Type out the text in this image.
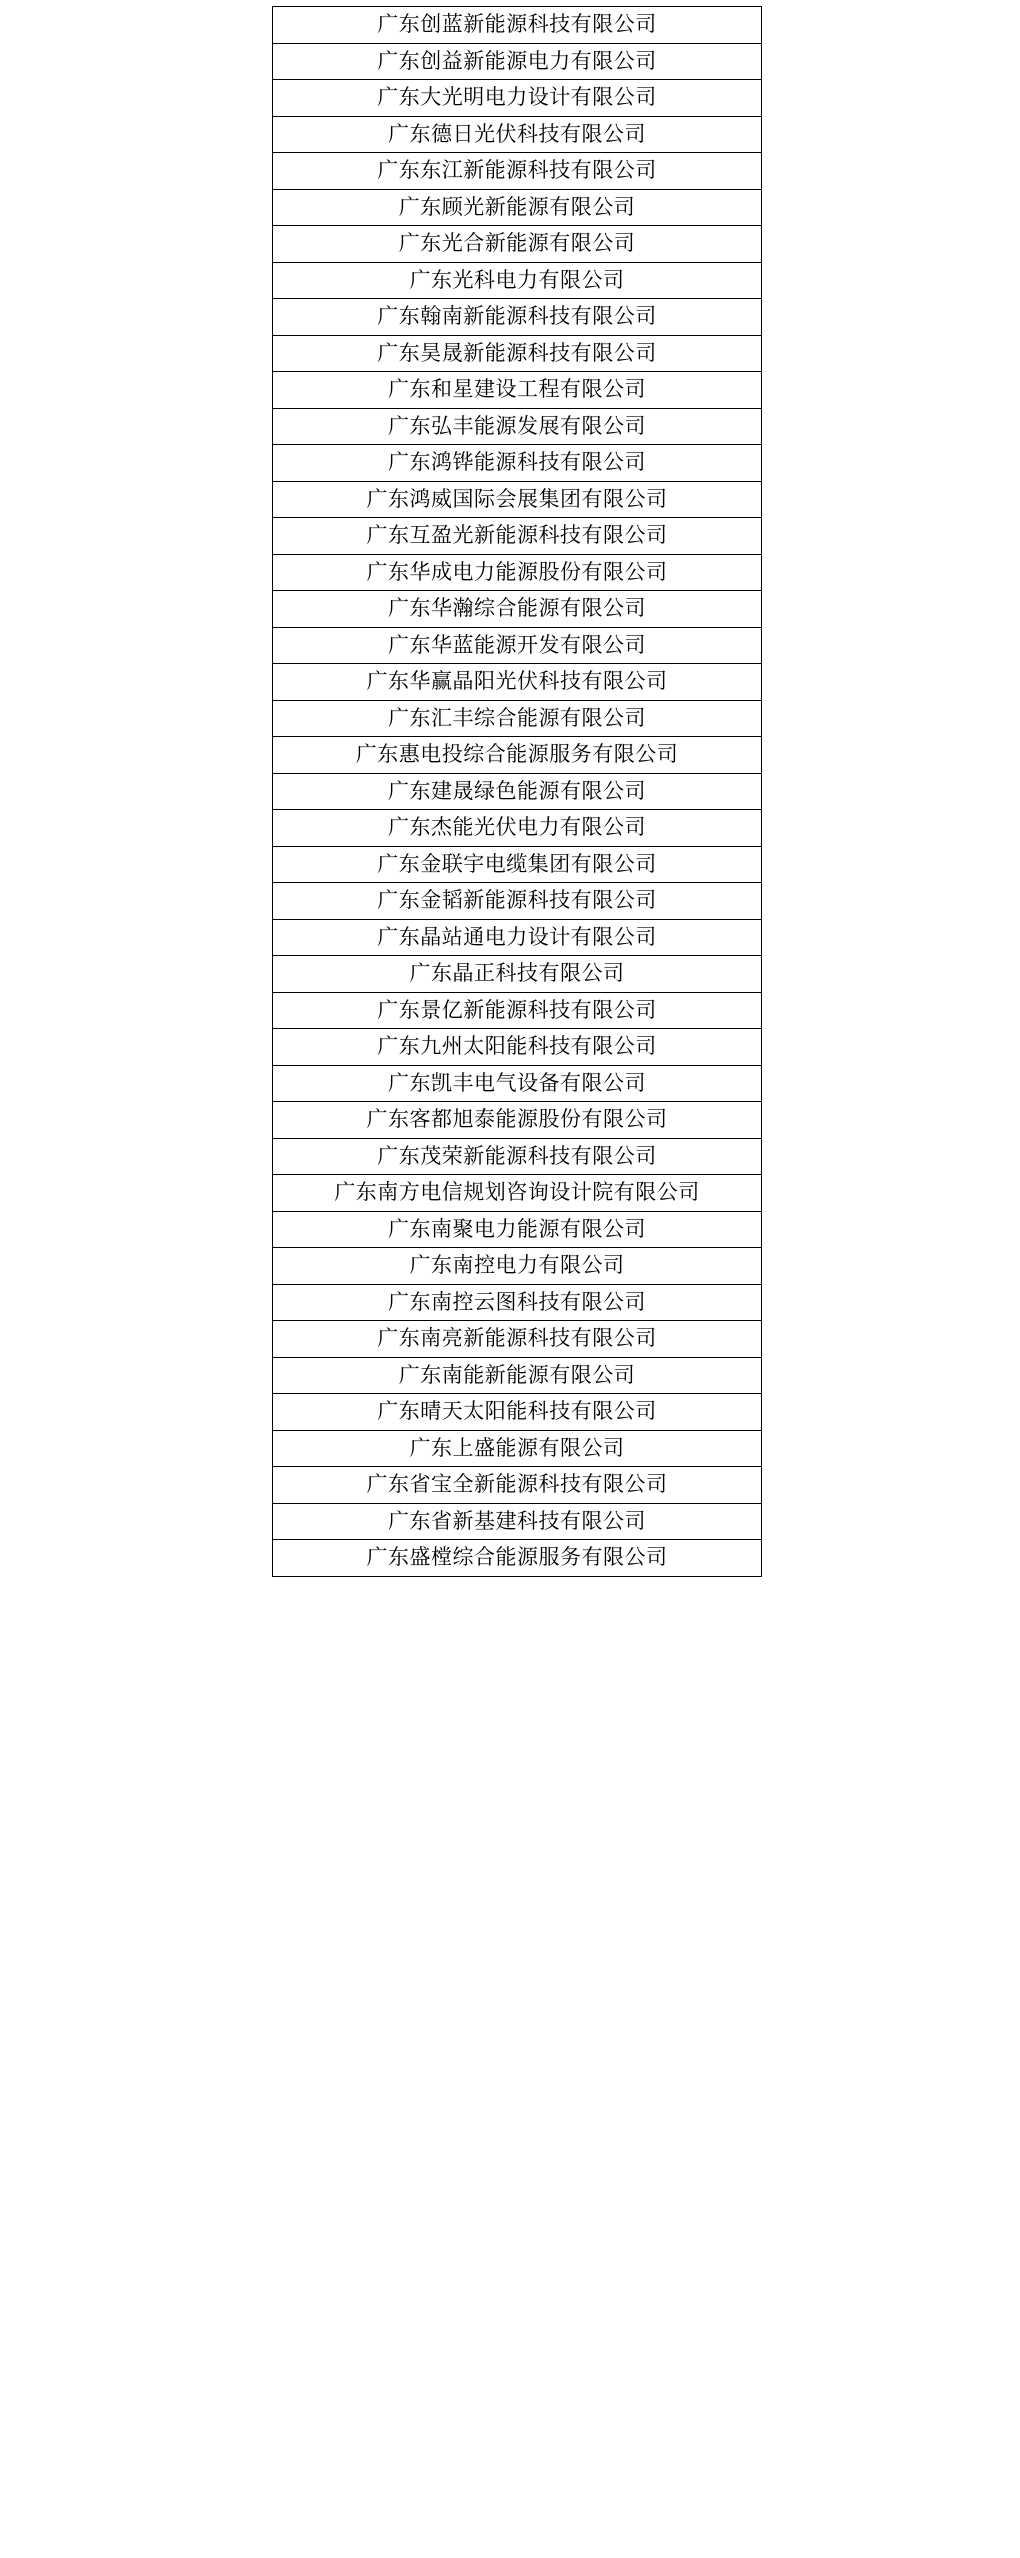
广东创蓝新能源科技有限公司
广东创益新能源电力有限公司
广东大光明电力设计有限公司
广东德日光伏科技有限公司
广东东江新能源科技有限公司
广东顾光新能源有限公司
广东光合新能源有限公司
广东光科电力有限公司
广东翰南新能源科技有限公司
广东昊晟新能源科技有限公司
广东和星建设工程有限公司
广东弘丰能源发展有限公司
广东鸿铧能源科技有限公司
广东鸿威国际会展集团有限公司
广东互盈光新能源科技有限公司
广东华成电力能源股份有限公司
广东华瀚综合能源有限公司
广东华蓝能源开发有限公司
广东华赢晶阳光伏科技有限公司
广东汇丰综合能源有限公司
广东惠电投综合能源服务有限公司
广东建晟绿色能源有限公司
广东杰能光伏电力有限公司
广东金联宇电缆集团有限公司
广东金韬新能源科技有限公司
广东晶站通电力设计有限公司
广东晶正科技有限公司
广东景亿新能源科技有限公司
广东九州太阳能科技有限公司
广东凯丰电气设备有限公司
广东客都旭泰能源股份有限公司
广东茂荣新能源科技有限公司
广东南方电信规划咨询设计院有限公司
广东南聚电力能源有限公司
广东南控电力有限公司
广东南控云图科技有限公司
广东南亮新能源科技有限公司
广东南能新能源有限公司
广东晴天太阳能科技有限公司
广东上盛能源有限公司
广东省宝全新能源科技有限公司
广东省新基建科技有限公司
广东盛樘综合能源服务有限公司
